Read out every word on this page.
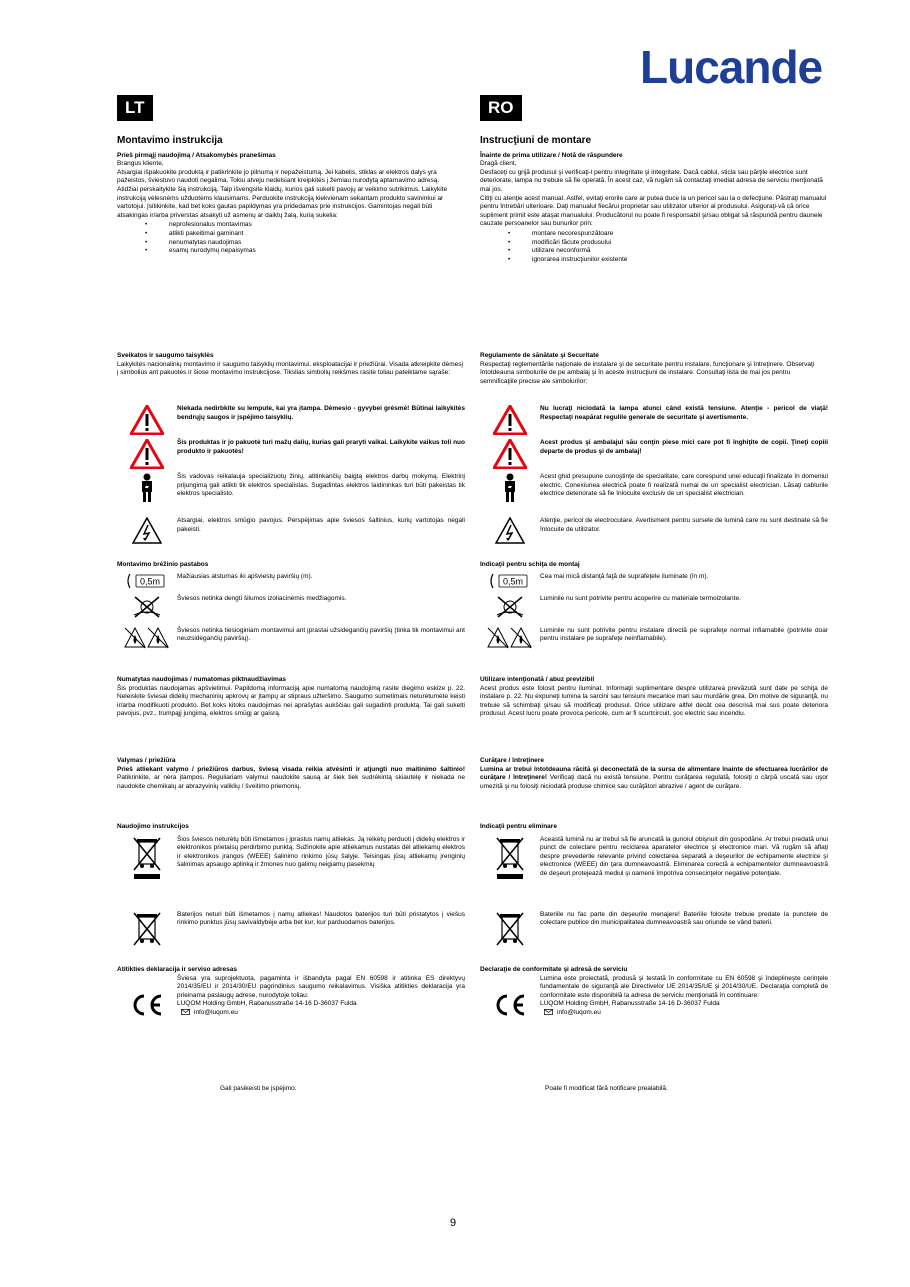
Lucande
LT
Montavimo instrukcija

Prieš pirmąjį naudojimą / Atsakomybės pranešimas

Brangus kliente,
Atsargiai išpakuokite produktą ir patikrinkite jo pilnumą ir nepažeistumą. Jei kabelis, stiklas ar elektros dalys yra pažeistos, šviestuvo naudoti negalima. Tokiu atveju nedelsiant kreipkitės į žemiau nurodytą aptarnavimo adresą.
Atidžiai perskaitykite šią instrukciją. Taip išvengsite klaidų, kurios gali sukelti pavojų ar veikimo sutrikimus. Laikykite instrukciją vėlesnėms užduotėms klausimams. Perduokite instrukciją kiekvienam sekantam produkto savininkui ar vartotojui. Įsitikinkite, kad bet koks gautas papildymas yra pridedamas prie instrukcijos. Gamintojas negali būti atsakingas ir/arba priverstas atsakyti už asmenų ar daiktų žalą, kurią sukelia:

• neprofesionalus montavimas
• atlikti pakeitimai gaminant
• nenumatytas naudojimas
• esamų nurodymų nepaisymas

Sveikatos ir saugumo taisyklės

Laikykitės nacionalinių montavimo ir saugumo taisyklių montavimui, eksploatacijai ir priežiūrai. Visada atkreipkite dėmesį į simbolius ant pakuotės ir šiose montavimo instrukcijose. Tikslias simbolių reikšmes rasite toliau pateiktame sąraše:

Niekada nedirbkite su lempute, kai yra įtampa. Dėmesio - gyvybei grėsmė! Būtinai laikykitės bendrųjų saugos ir įspėjimo taisyklių.
Šis produktas ir jo pakuotė turi mažų dalių, kurias gali praryti vaikai. Laikykite vaikus toli nuo produkto ir pakuotės!
Šis vadovas reikalauja specializuotų žinių, atitinkančių baigtą elektros darbų mokymą. Elektrinį prijungimą gali atlikti tik elektros specialistas. Sugadintas elektros laidininkas turi būti pakeistas tik elektros specialisto.
Atsargiai, elektros smūgio pavojus. Perspėjimas apie šviesos šaltinius, kurių vartotojas negali pakeisti.

Montavimo brėžinio pastabos

0,5m	Mažiausias atstumas iki apšviestų paviršių (m).
Šviesos netinka dengti šilumos izoliacinėmis medžiagomis.
Šviesos netinka tiesioginiam montavimui ant įprastai užsidegančių paviršių (tinka tik montavimui ant neuzsidegančių paviršių).

Numatytas naudojimas / numatomas piktnaudžiavimas

Šis produktas naudojamas apšvietimui. Papildomą informaciją apie numatomą naudojimą rasite diegimo eskize p. 22. Neleiskite šviesai didelių mechaninių apkrovų ar įtampų ar stipraus užteršimo. Saugumo sumetimais neturėtumėte keisti ir/arba modifikuoti produkto. Bet koks kitoks naudojimas nei aprašytas aukščiau gali sugadinti produktą. Tai gali sukelti pavojus, pvz., trumpąjį jungimą, elektros smūgį ar gaisrą.

Valymas / priežiūra

Prieš atliekant valymo / priežiūros darbus, šviesą visada reikia atvėsinti ir atjungti nuo maitinimo šaltinio! Patikrinkite, ar nėra įtampos. Reguliariam valymui naudokite sausą ar šiek tiek sudrėkintą skiautelę ir niekada ne naudokite chemikalų ar abrazyvinių valiklių / šveitimo priemonių.

Naudojimo instrukcijos

Šios šviesos neturėtų būti išmetamos į įprastus namų atliekas. Ją reikėtų perduoti į didelių elektros ir elektronikos prietaisų perdirbimo punktą. Sužinokite apie atliekamus nustatas dėl atliekamų elektros ir elektronikos įrangos (WEEE) šalinimo rinkimo jūsų šalyje. Teisingas jūsų atliekamų įrenginių šalinimas apsaugo aplinką ir žmones nuo galimų neigiamų pasekmių
Baterijos neturi būti išmetamos į namų atliekas! Naudotos baterijos turi būti pristatytos į viešus rinkimo punktus jūsų savivaldybėje arba bet kur, kur parduodamos baterijos.

Atitikties deklaracija ir serviso adresas

Šviesa yra suprojektuota, pagaminta ir išbandyta pagal EN 60598 ir atitinka ES direktyvų 2014/35/EU ir 2014/30/EU pagrindinius saugumo reikalavimus. Visiška atitikties deklaracija yra prieinama paslaugų adrese, nurodytoje toliau:

LUQOM Holding GmbH, Rabanusstraße 14-16 D-36037 Fulda

info@luqom.eu

RO
Instrucţiuni de montare

Înainte de prima utilizare / Notă de răspundere

Dragă client,
Desfaceţi cu grijă produsul şi verificaţi-l pentru integritate şi integritate. Dacă cablul, sticla sau părţile electrice sunt deteriorate, lampa nu trebuie să fie operată. În acest caz, vă rugăm să contactaţi imediat adresa de serviciu menţionată mai jos.
Citiţi cu atenţie acest manual. Astfel, evitaţi erorile care ar putea duce la un pericol sau la o defecţiune. Păstraţi manualul pentru întrebări ulterioare. Daţi manualul fiecărui proprietar sau utilizator ulterior al produsului. Asiguraţi-vă că orice supliment primit este ataşat manualului. Producătorul nu poate fi responsabil şi/sau obligat să răspundă pentru daunele cauzate persoanelor sau bunurilor prin:

• montare necorespunzătoare
• modificări făcute produsului
• utilizare neconformă
• ignorarea instrucţiunilor existente

Regulamente de sănătate şi Securitate

Respectaţi reglementările naţionale de instalare şi de securitate pentru instalare, funcţionare şi întreţinere. Observaţi întotdeauna simbolurile de pe ambalaj şi în aceste instrucţiuni de instalare. Consultaţi lista de mai jos pentru semnificaţiile precise ale simbolurilor:

Nu lucraţi niciodată la lampa atunci când există tensiune. Atenţie - pericol de viaţă! Respectaţi neapărat regulile generale de securitate şi avertismente.
Acest produs şi ambalajul său conţin piese mici care pot fi înghiţite de copii. Ţineţi copiii departe de produs şi de ambalaj!
Acest ghid presupune cunoştinţe de specialitate, care corespund unei educaţii finalizate în domeniul electric. Conexiunea electrică poate fi realizată numai de un specialist electrician. Lăsaţi cablurile electrice deteriorate să fie înlocuite exclusiv de un specialist electrician.
Atenţie, pericol de electrocutare. Avertisment pentru sursele de lumină care nu sunt destinate să fie înlocuite de utilizator.

Indicaţii pentru schiţa de montaj

0,5m	Cea mai mică distanţă faţă de suprafeţele iluminate (în m).
Luminile nu sunt potrivite pentru acoperire cu materiale termoizolante.
Luminile nu sunt potrivite pentru instalare directă pe suprafeţe normal inflamabile (potrivite doar pentru instalare pe suprafeţe neinflamabile).

Utilizare intenţionată / abuz previzibil

Acest produs este folosit pentru iluminat. Informaţii suplimentare despre utilizarea prevăzută sunt date pe schiţa de instalare p. 22. Nu expuneţi lumina la sarcini sau tensiuni mecanice mari sau murdărie grea. Din motive de siguranţă, nu trebuie să schimbaţi şi/sau să modificaţi produsul. Orice utilizare altfel decât cea descrisă mai sus poate deteriora produsul. Acest lucru poate provoca pericole, cum ar fi scurtcircuit, şoc electric sau incendiu.

Curăţare / întreţinere

Lumina ar trebui întotdeauna răcită şi deconectată de la sursa de alimentare înainte de efectuarea lucrărilor de curăţare / întreţinere! Verificaţi dacă nu există tensiune. Pentru curăţarea regulată, folosiţi o cârpă uscată sau uşor umezită şi nu folosiţi niciodată produse chimice sau curăţători abrazive / agent de curăţare.

Indicaţii pentru eliminare

Această lumină nu ar trebui să fie aruncată la gunoiul obişnuit din gospodărie. Ar trebui predată unui punct de colectare pentru reciclarea aparatelor electrice şi electronice mari. Vă rugăm să aflaţi despre prevederile relevante privind colectarea separată a deşeurilor de echipamente electrice şi electronice (WEEE) din ţara dumneavoastră. Eliminarea corectă a echipamentelor dumneavoastră de deşeuri protejează mediul şi oamenii împotriva consecinţelor negative potenţiale.
Bateriile nu fac parte din deşeurile menajere! Bateriile folosite trebuie predate la punctele de colectare publice din municipalitatea dumneavoastră sau oriunde se vând baterii.

Declaraţie de conformitate şi adresă de serviciu

Lumina este proiectată, produsă şi testată în conformitate cu EN 60598 şi îndeplineşte cerinţele fundamentale de siguranţă ale Directivelor UE 2014/35/UE şi 2014/30/UE. Declaraţia completă de conformitate este disponibilă la adresa de serviciu menţionată în continuare:

LUQOM Holding GmbH, Rabanusstraße 14-16 D-36037 Fulda

info@luqom.eu

Gali pasikeisti be įspėjimo.	Poate fi modificat fără notificare prealabilă.
9
